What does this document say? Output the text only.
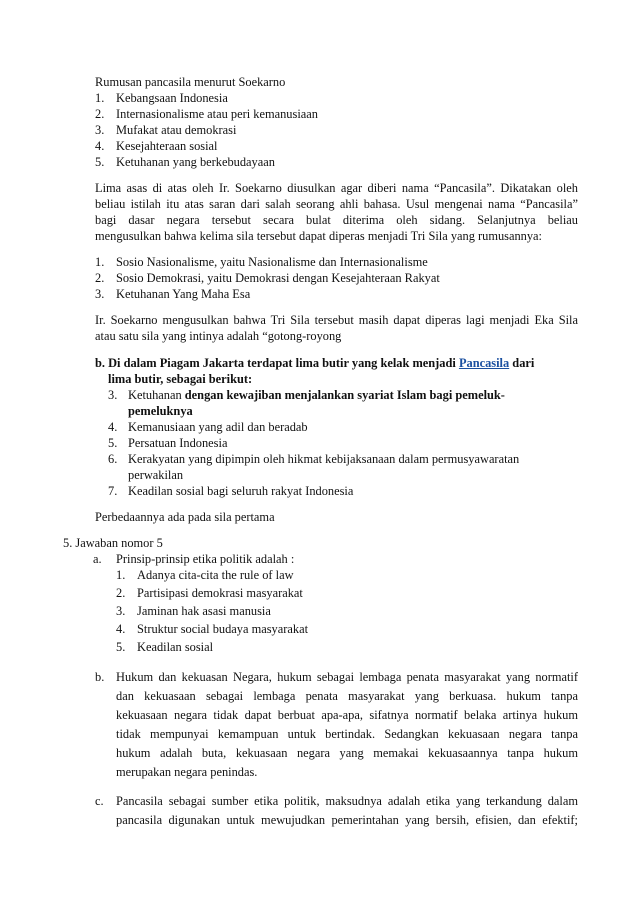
Rumusan pancasila menurut Soekarno
1. Kebangsaan Indonesia
2. Internasionalisme atau peri kemanusiaan
3. Mufakat atau demokrasi
4. Kesejahteraan sosial
5. Ketuhanan yang berkebudayaan
Lima asas di atas oleh Ir. Soekarno diusulkan agar diberi nama “Pancasila”. Dikatakan oleh
beliau istilah itu atas saran dari salah seorang ahli bahasa. Usul mengenai nama “Pancasila”
bagi dasar negara tersebut secara bulat diterima oleh sidang. Selanjutnya beliau
mengusulkan bahwa kelima sila tersebut dapat diperas menjadi Tri Sila yang rumusannya:
1. Sosio Nasionalisme, yaitu Nasionalisme dan Internasionalisme
2. Sosio Demokrasi, yaitu Demokrasi dengan Kesejahteraan Rakyat
3. Ketuhanan Yang Maha Esa
Ir. Soekarno mengusulkan bahwa Tri Sila tersebut masih dapat diperas lagi menjadi Eka Sila
atau satu sila yang intinya adalah “gotong-royong
b. Di dalam Piagam Jakarta terdapat lima butir yang kelak menjadi Pancasila dari
lima butir, sebagai berikut:
3. Ketuhanan dengan kewajiban menjalankan syariat Islam bagi pemeluk-
pemeluknya
4. Kemanusiaan yang adil dan beradab
5. Persatuan Indonesia
6. Kerakyatan yang dipimpin oleh hikmat kebijaksanaan dalam permusyawaratan
perwakilan
7. Keadilan sosial bagi seluruh rakyat Indonesia
Perbedaannya ada pada sila pertama
5. Jawaban nomor 5
a. Prinsip-prinsip etika politik adalah :
1. Adanya cita-cita the rule of law
2. Partisipasi demokrasi masyarakat
3. Jaminan hak asasi manusia
4. Struktur social budaya masyarakat
5. Keadilan sosial
b. Hukum dan kekuasan Negara, hukum sebagai lembaga penata masyarakat yang normatif
dan kekuasaan sebagai lembaga penata masyarakat yang berkuasa. hukum tanpa
kekuasaan negara tidak dapat berbuat apa-apa, sifatnya normatif belaka artinya hukum
tidak mempunyai kemampuan untuk bertindak. Sedangkan kekuasaan negara tanpa
hukum adalah buta, kekuasaan negara yang memakai kekuasaannya tanpa hukum
merupakan negara penindas.
c. Pancasila sebagai sumber etika politik, maksudnya adalah etika yang terkandung dalam
pancasila digunakan untuk mewujudkan pemerintahan yang bersih, efisien, dan efektif;
